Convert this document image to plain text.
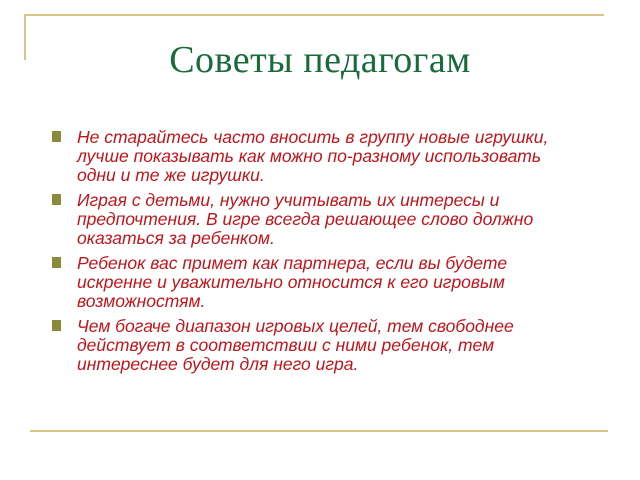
Советы педагогам
Не старайтесь часто вносить в группу новые игрушки, лучше показывать как можно по-разному использовать одни и те же игрушки.
Играя с детьми, нужно учитывать их интересы и предпочтения. В игре всегда решающее слово должно оказаться за ребенком.
Ребенок вас примет как партнера, если вы будете искренне и уважительно относится к его игровым возможностям.
Чем богаче диапазон игровых целей, тем свободнее действует в соответствии с ними ребенок, тем интереснее будет для него игра.
